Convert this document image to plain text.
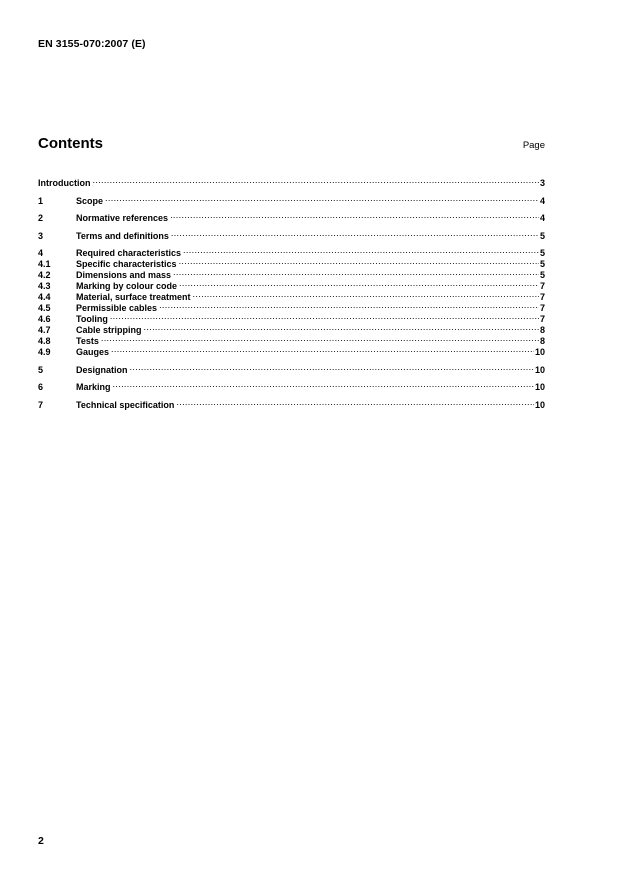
EN 3155-070:2007 (E)
Contents	Page
Introduction .....	3
1	Scope .....	4
2	Normative references .....	4
3	Terms and definitions .....	5
4	Required characteristics .....	5
4.1	Specific characteristics .....	5
4.2	Dimensions and mass .....	5
4.3	Marking by colour code .....	7
4.4	Material, surface treatment .....	7
4.5	Permissible cables .....	7
4.6	Tooling .....	7
4.7	Cable stripping .....	8
4.8	Tests .....	8
4.9	Gauges .....	10
5	Designation .....	10
6	Marking .....	10
7	Technical specification .....	10
2
